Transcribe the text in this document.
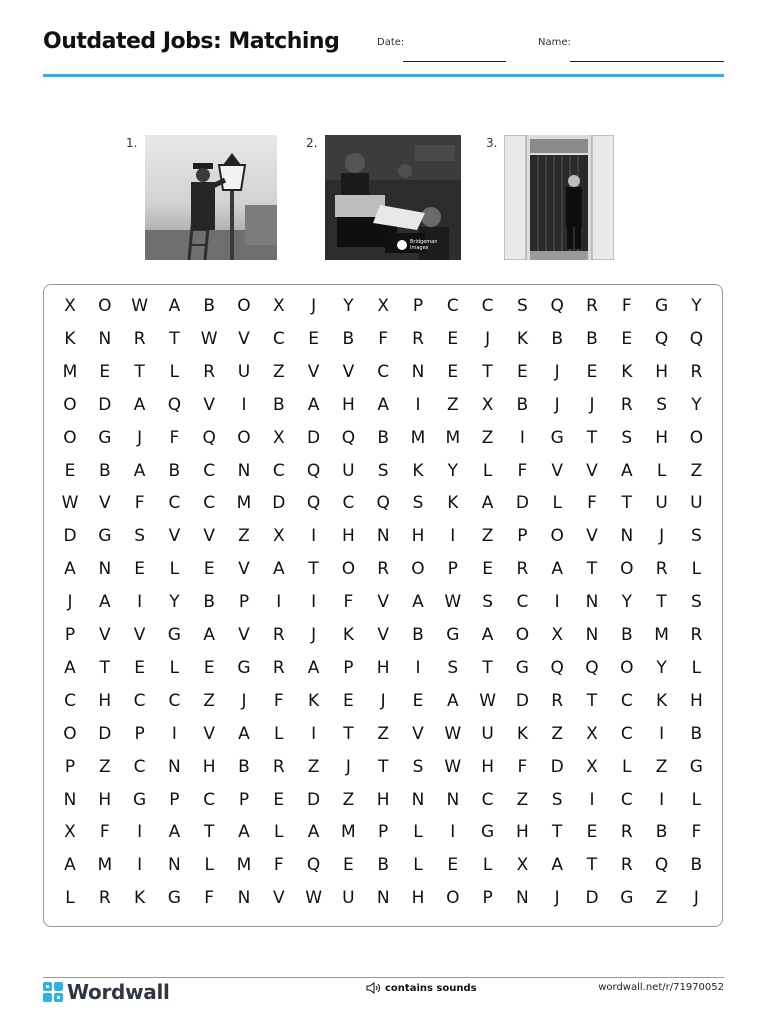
Outdated Jobs: Matching	Date:	Name:
1.	2.
Bridgeman Images
3.
X	O	W	A	B	O	X	J	Y	X	P	C	C	S	Q	R	F	G	Y
K	N	R	T	W	V	C	E	B	F	R	E	J	K	B	B	E	Q	Q
M	E	T	L	R	U	Z	V	V	C	N	E	T	E	J	E	K	H	R
O	D	A	Q	V	I	B	A	H	A	I	Z	X	B	J	J	R	S	Y
O	G	J	F	Q	O	X	D	Q	B	M	M	Z	I	G	T	S	H	O
E	B	A	B	C	N	C	Q	U	S	K	Y	L	F	V	V	A	L	Z
W	V	F	C	C	M	D	Q	C	Q	S	K	A	D	L	F	T	U	U
D	G	S	V	V	Z	X	I	H	N	H	I	Z	P	O	V	N	J	S
A	N	E	L	E	V	A	T	O	R	O	P	E	R	A	T	O	R	L
J	A	I	Y	B	P	I	I	F	V	A	W	S	C	I	N	Y	T	S
P	V	V	G	A	V	R	J	K	V	B	G	A	O	X	N	B	M	R
A	T	E	L	E	G	R	A	P	H	I	S	T	G	Q	Q	O	Y	L
C	H	C	C	Z	J	F	K	E	J	E	A	W	D	R	T	C	K	H
O	D	P	I	V	A	L	I	T	Z	V	W	U	K	Z	X	C	I	B
P	Z	C	N	H	B	R	Z	J	T	S	W	H	F	D	X	L	Z	G
N	H	G	P	C	P	E	D	Z	H	N	N	C	Z	S	I	C	I	L
X	F	I	A	T	A	L	A	M	P	L	I	G	H	T	E	R	B	F
A	M	I	N	L	M	F	Q	E	B	L	E	L	X	A	T	R	Q	B
L	R	K	G	F	N	V	W	U	N	H	O	P	N	J	D	G	Z	J
Wordwall	contains sounds	wordwall.net/r/71970052
